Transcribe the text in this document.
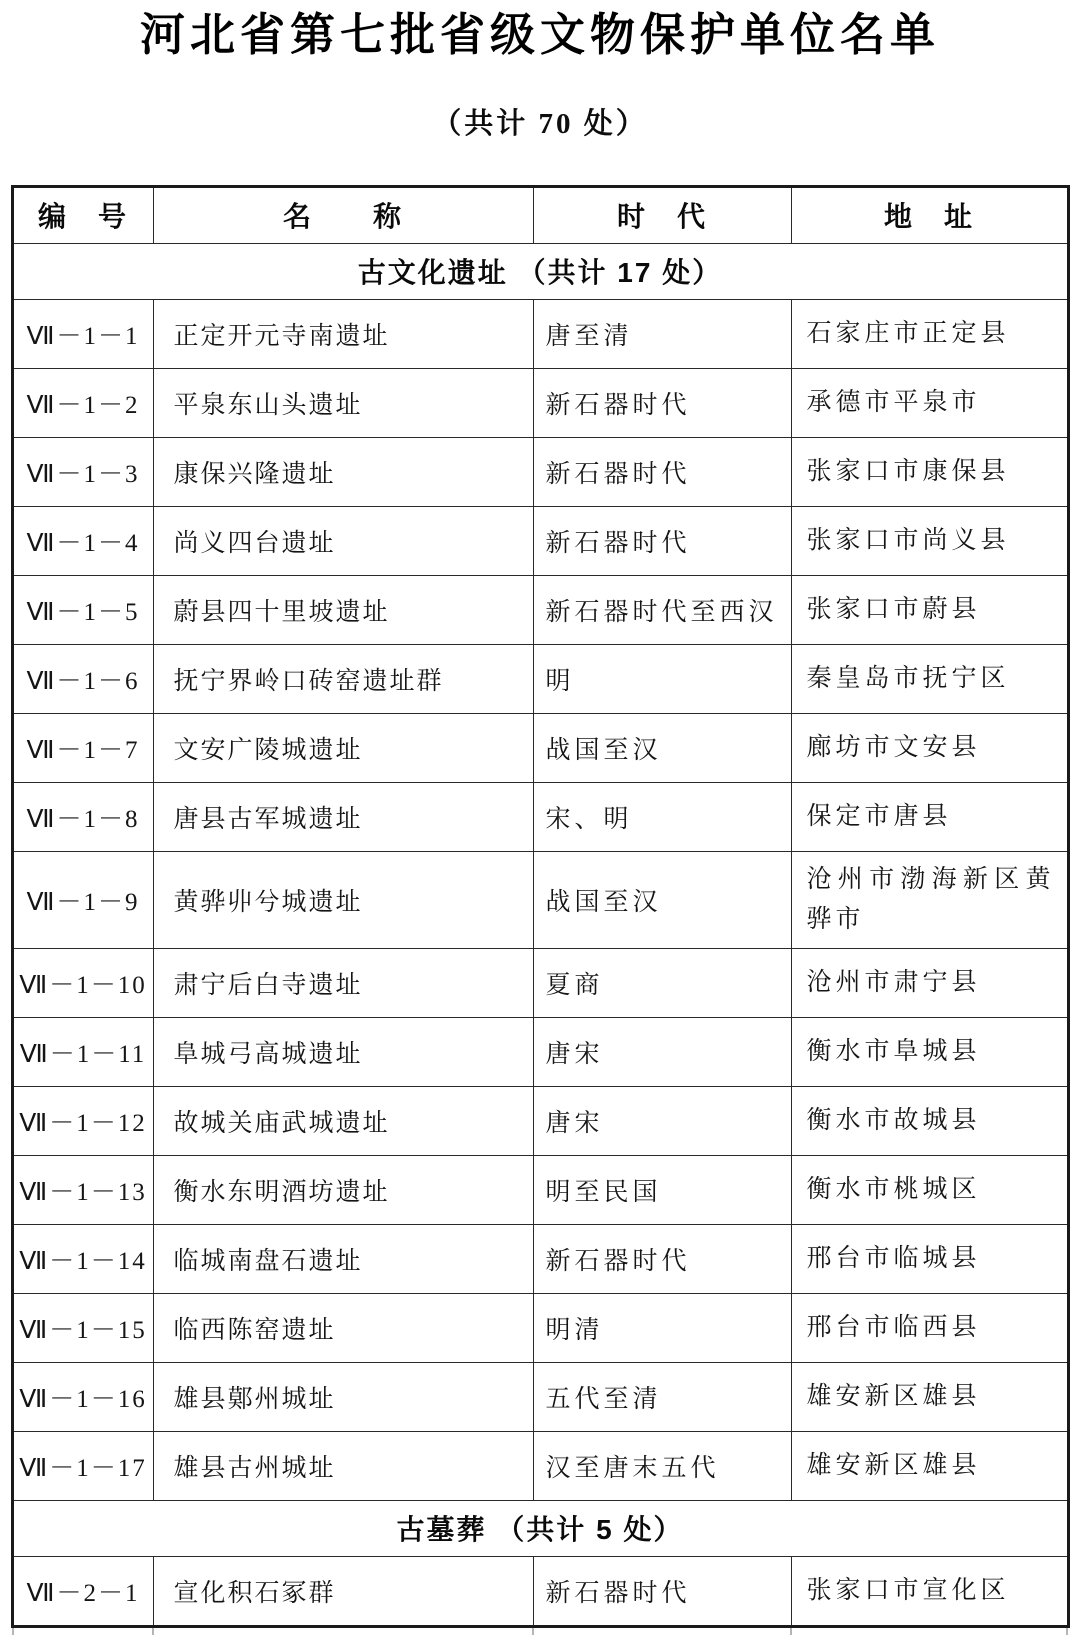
河北省第七批省级文物保护单位名单
（共计 70 处）
编　号	名　　称	时　代	地　址
古文化遗址 （共计 17 处）			
Ⅶ－1－1	正定开元寺南遗址	唐至清	石家庄市正定县
Ⅶ－1－2	平泉东山头遗址	新石器时代	承德市平泉市
Ⅶ－1－3	康保兴隆遗址	新石器时代	张家口市康保县
Ⅶ－1－4	尚义四台遗址	新石器时代	张家口市尚义县
Ⅶ－1－5	蔚县四十里坡遗址	新石器时代至西汉	张家口市蔚县
Ⅶ－1－6	抚宁界岭口砖窑遗址群	明	秦皇岛市抚宁区
Ⅶ－1－7	文安广陵城遗址	战国至汉	廊坊市文安县
Ⅶ－1－8	唐县古军城遗址	宋、明	保定市唐县
Ⅶ－1－9	黄骅丱兮城遗址	战国至汉	沧州市渤海新区黄骅市
Ⅶ－1－10	肃宁后白寺遗址	夏商	沧州市肃宁县
Ⅶ－1－11	阜城弓高城遗址	唐宋	衡水市阜城县
Ⅶ－1－12	故城关庙武城遗址	唐宋	衡水市故城县
Ⅶ－1－13	衡水东明酒坊遗址	明至民国	衡水市桃城区
Ⅶ－1－14	临城南盘石遗址	新石器时代	邢台市临城县
Ⅶ－1－15	临西陈窑遗址	明清	邢台市临西县
Ⅶ－1－16	雄县鄚州城址	五代至清	雄安新区雄县
Ⅶ－1－17	雄县古州城址	汉至唐末五代	雄安新区雄县
古墓葬 （共计 5 处）			
Ⅶ－2－1	宣化积石冢群	新石器时代	张家口市宣化区
